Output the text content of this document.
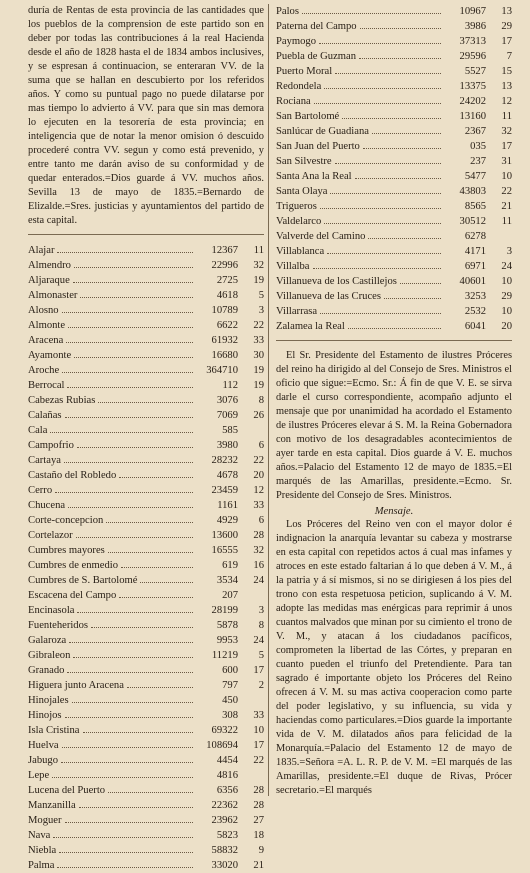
duría de Rentas de esta provincia de las cantidades que los pueblos de la comprension de este partido son en deber por todas las contribuciones á la real Hacienda desde el año de 1828 hasta el de 1834 ambos inclusives, y se espresan á continuacion, se enteraran VV. de la suma que se hallan en descubierto por los referidos años. Y como su puntual pago no puede dilatarse por mas tiempo lo advierto á VV. para que sin mas demora lo ejecuten en la tesorería de esta provincia; en inteligencia que de notar la menor omision ó descuido procederé contra VV. segun y como está prevenido, y entre tanto me darán aviso de su conformidad y de quedar enterados.=Dios guarde á VV. muchos años. Sevilla 13 de mayo de 1835.=Bernardo de Elizalde.=Sres. justicias y ayuntamientos del partido de esta capital.

Alajar	12367	11
Almendro	22996	32
Aljaraque	2725	19
Almonaster	4618	5
Alosno	10789	3
Almonte	6622	22
Aracena	61932	33
Ayamonte	16680	30
Aroche	364710	19
Berrocal	112	19
Cabezas Rubias	3076	8
Calañas	7069	26
Cala	585
Campofrio	3980	6
Cartaya	28232	22
Castaño del Robledo	4678	20
Cerro	23459	12
Chucena	1161	33
Corte-concepcion	4929	6
Cortelazor	13600	28
Cumbres mayores	16555	32
Cumbres de enmedio	619	16
Cumbres de S. Bartolomé	3534	24
Escacena del Campo	207
Encinasola	28199	3
Fuenteheridos	5878	8
Galaroza	9953	24
Gibraleon	11219	5
Granado	600	17
Higuera junto Aracena	797	2
Hinojales	450
Hinojos	308	33
Isla Cristina	69322	10
Huelva	108694	17
Jabugo	4454	22
Lepe	4816
Lucena del Puerto	6356	28
Manzanilla	22362	28
Moguer	23962	27
Nava	5823	18
Niebla	58832	9
Palma	33020	21
Palos	10967	13
Paterna del Campo	3986	29
Paymogo	37313	17
Puebla de Guzman	29596	7
Puerto Moral	5527	15
Redondela	13375	13
Rociana	24202	12
San Bartolomé	13160	11
Sanlúcar de Guadiana	2367	32
San Juan del Puerto	035	17
San Silvestre	237	31
Santa Ana la Real	5477	10
Santa Olaya	43803	22
Trigueros	8565	21
Valdelarco	30512	11
Valverde del Camino	6278
Villablanca	4171	3
Villalba	6971	24
Villanueva de los Castillejos	40601	10
Villanueva de las Cruces	3253	29
Villarrasa	2532	10
Zalamea la Real	6041	20

El Sr. Presidente del Estamento de ilustres Próceres del reino ha dirigido al del Consejo de Sres. Ministros el oficio que sigue:=Ecmo. Sr.: Á fin de que V. E. se sirva darle el curso correspondiente, acompaño adjunto el mensaje que por unanimidad ha acordado el Estamento de ilustres Próceres elevar á S. M. la Reina Gobernadora con motivo de los desagradables acontecimientos de ayer tarde en esta capital. Dios guarde á V. E. muchos años.=Palacio del Estamento 12 de mayo de 1835.=El marqués de las Amarillas, presidente.=Ecmo. Sr. Presidente del Consejo de Sres. Ministros.

Mensaje.

Los Próceres del Reino ven con el mayor dolor é indignacion la anarquía levantar su cabeza y mostrarse en esta capital con repetidos actos á cual mas infames y atroces en este estado faltarian á lo que deben á V. M., á la patria y á sí mismos, si no se dirigiesen á los pies del trono con esta respetuosa peticion, suplicando á V. M. adopte las medidas mas enérgicas para reprimir á unos cuantos malvados que minan por su cimiento el trono de V. M., y atacan á los ciudadanos pacíficos, comprometen la libertad de las Córtes, y preparan en cuanto pueden el triunfo del Pretendiente. Para tan sagrado é importante objeto los Próceres del Reino ofrecen á V. M. su mas activa cooperacion como parte del poder legislativo, y su influencia, su vida y haciendas como particulares.=Dios guarde la importante vida de V. M. dilatados años para felicidad de la Monarquía.=Palacio del Estamento 12 de mayo de 1835.=Señora =A. L. R. P. de V. M. =El marqués de las Amarillas, presidente.=El duque de Rivas, Prócer secretario.=El marqués
